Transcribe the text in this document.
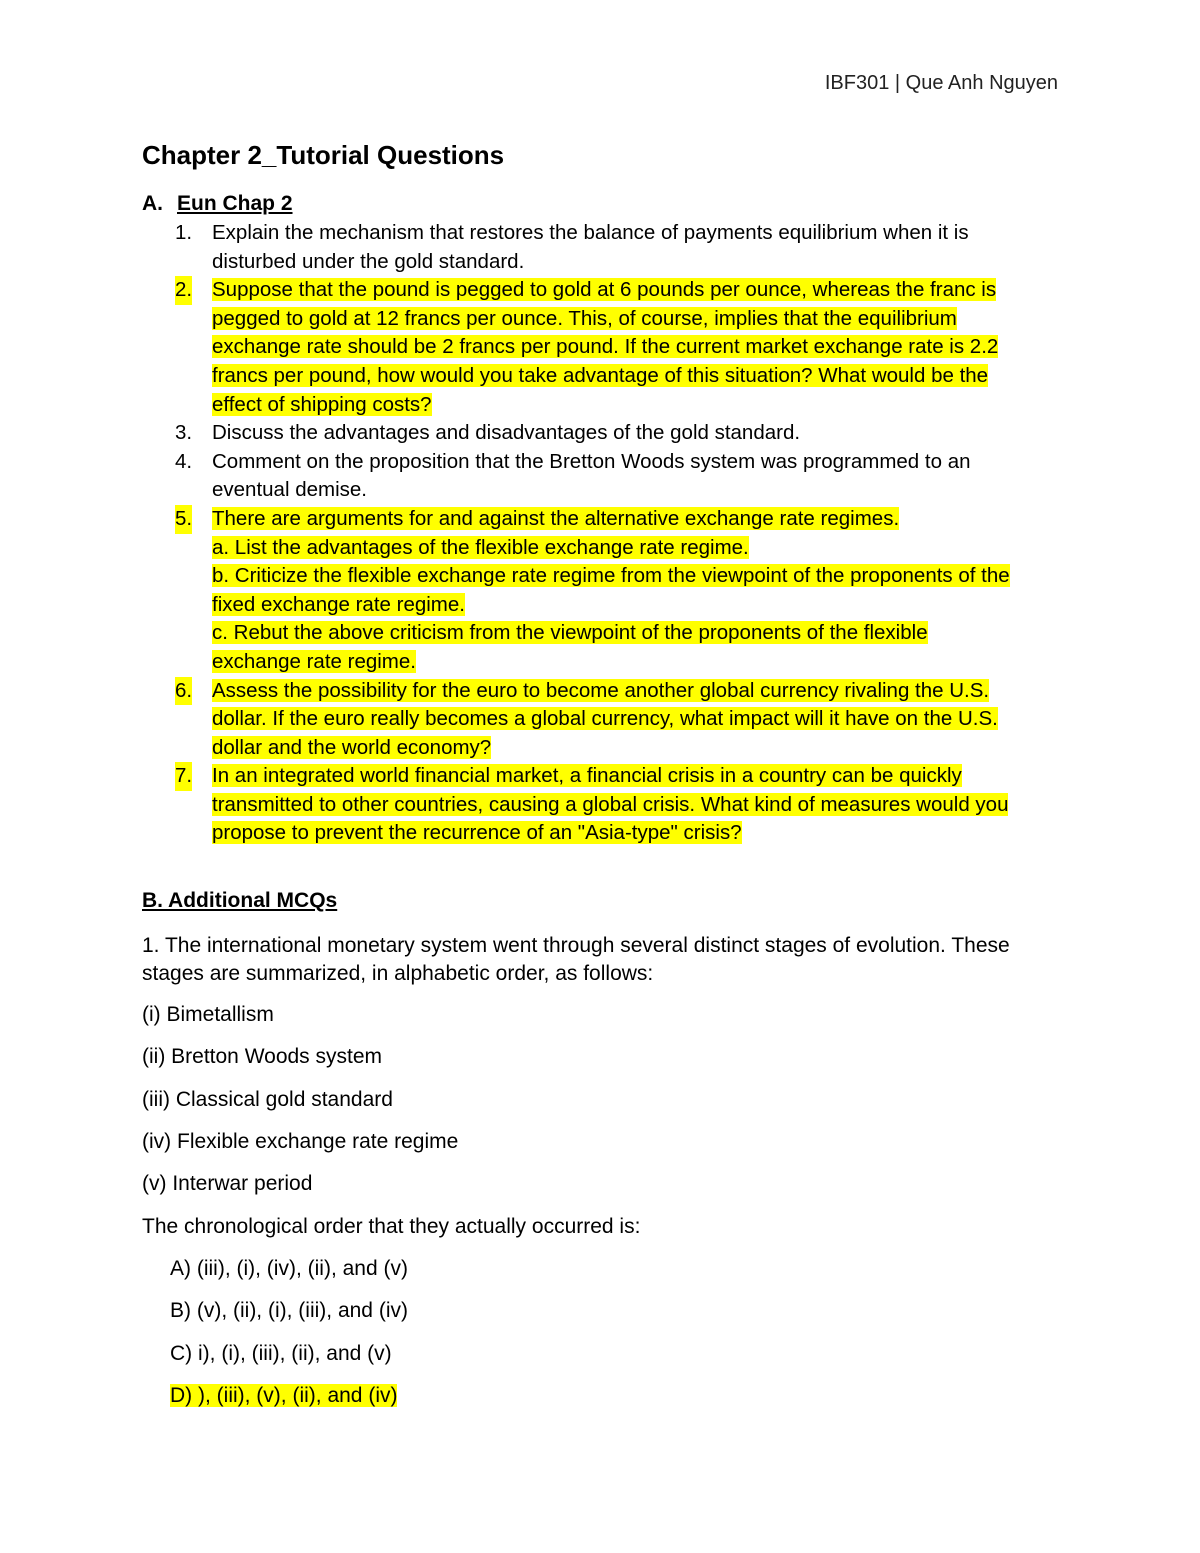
IBF301 | Que Anh Nguyen
Chapter 2_Tutorial Questions
A. Eun Chap 2
1. Explain the mechanism that restores the balance of payments equilibrium when it is
disturbed under the gold standard.
2. Suppose that the pound is pegged to gold at 6 pounds per ounce, whereas the franc is
pegged to gold at 12 francs per ounce. This, of course, implies that the equilibrium
exchange rate should be 2 francs per pound. If the current market exchange rate is 2.2
francs per pound, how would you take advantage of this situation? What would be the
effect of shipping costs?
3. Discuss the advantages and disadvantages of the gold standard.
4. Comment on the proposition that the Bretton Woods system was programmed to an
eventual demise.
5. There are arguments for and against the alternative exchange rate regimes.
a. List the advantages of the flexible exchange rate regime.
b. Criticize the flexible exchange rate regime from the viewpoint of the proponents of the
fixed exchange rate regime.
c. Rebut the above criticism from the viewpoint of the proponents of the flexible
exchange rate regime.
6. Assess the possibility for the euro to become another global currency rivaling the U.S.
dollar. If the euro really becomes a global currency, what impact will it have on the U.S.
dollar and the world economy?
7. In an integrated world financial market, a financial crisis in a country can be quickly
transmitted to other countries, causing a global crisis. What kind of measures would you
propose to prevent the recurrence of an "Asia-type" crisis?
B. Additional MCQs
1. The international monetary system went through several distinct stages of evolution. These stages are summarized, in alphabetic order, as follows:
(i) Bimetallism
(ii) Bretton Woods system
(iii) Classical gold standard
(iv) Flexible exchange rate regime
(v) Interwar period
The chronological order that they actually occurred is:
A) (iii), (i), (iv), (ii), and (v)
B) (v), (ii), (i), (iii), and (iv)
C) i), (i), (iii), (ii), and (v)
D) ), (iii), (v), (ii), and (iv)
